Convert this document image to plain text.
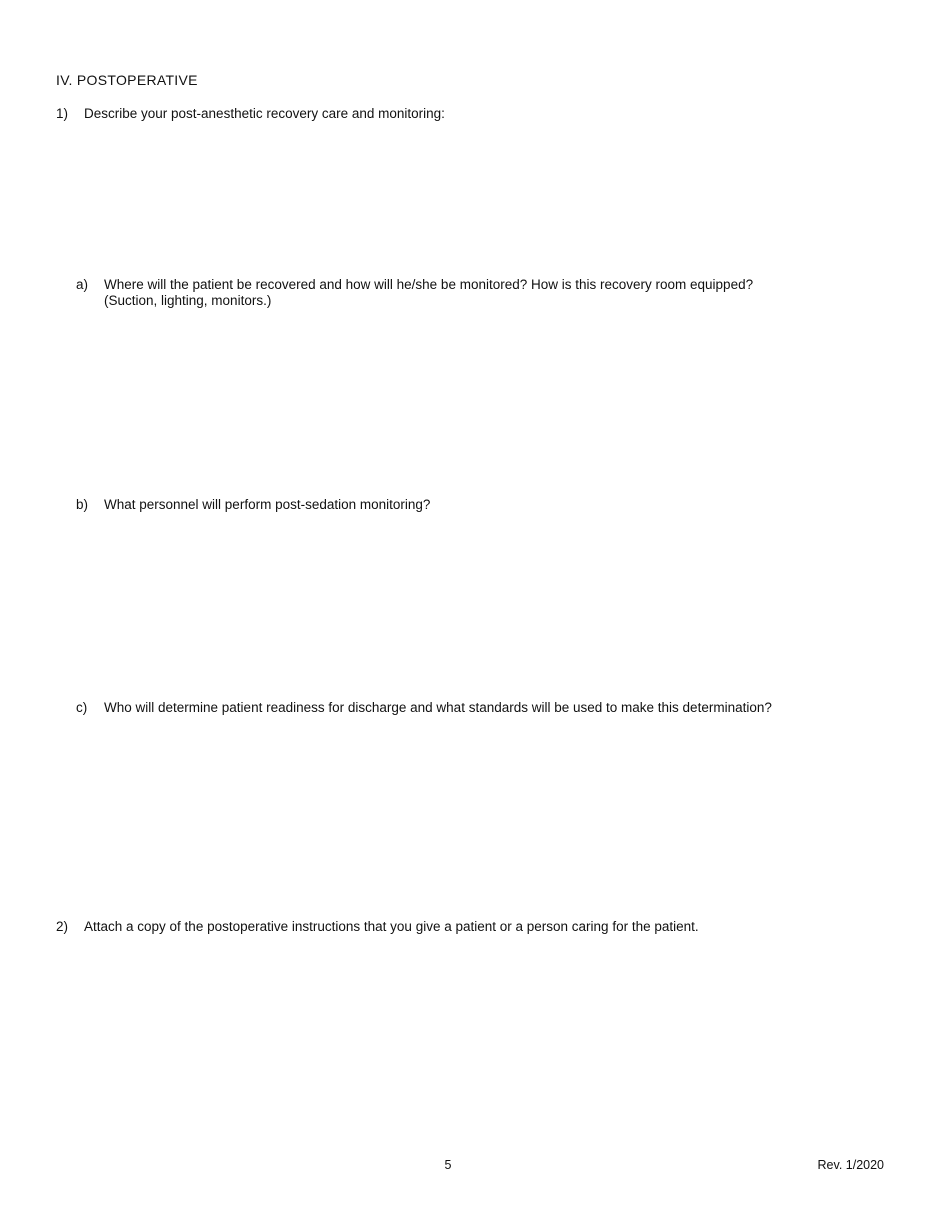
IV. POSTOPERATIVE
1)	Describe your post-anesthetic recovery care and monitoring:
a)	Where will the patient be recovered and how will he/she be monitored? How is this recovery room equipped?
(Suction, lighting, monitors.)
b)	What personnel will perform post-sedation monitoring?
c)	Who will determine patient readiness for discharge and what standards will be used to make this determination?
2)	Attach a copy of the postoperative instructions that you give a patient or a person caring for the patient.
5	Rev. 1/2020
